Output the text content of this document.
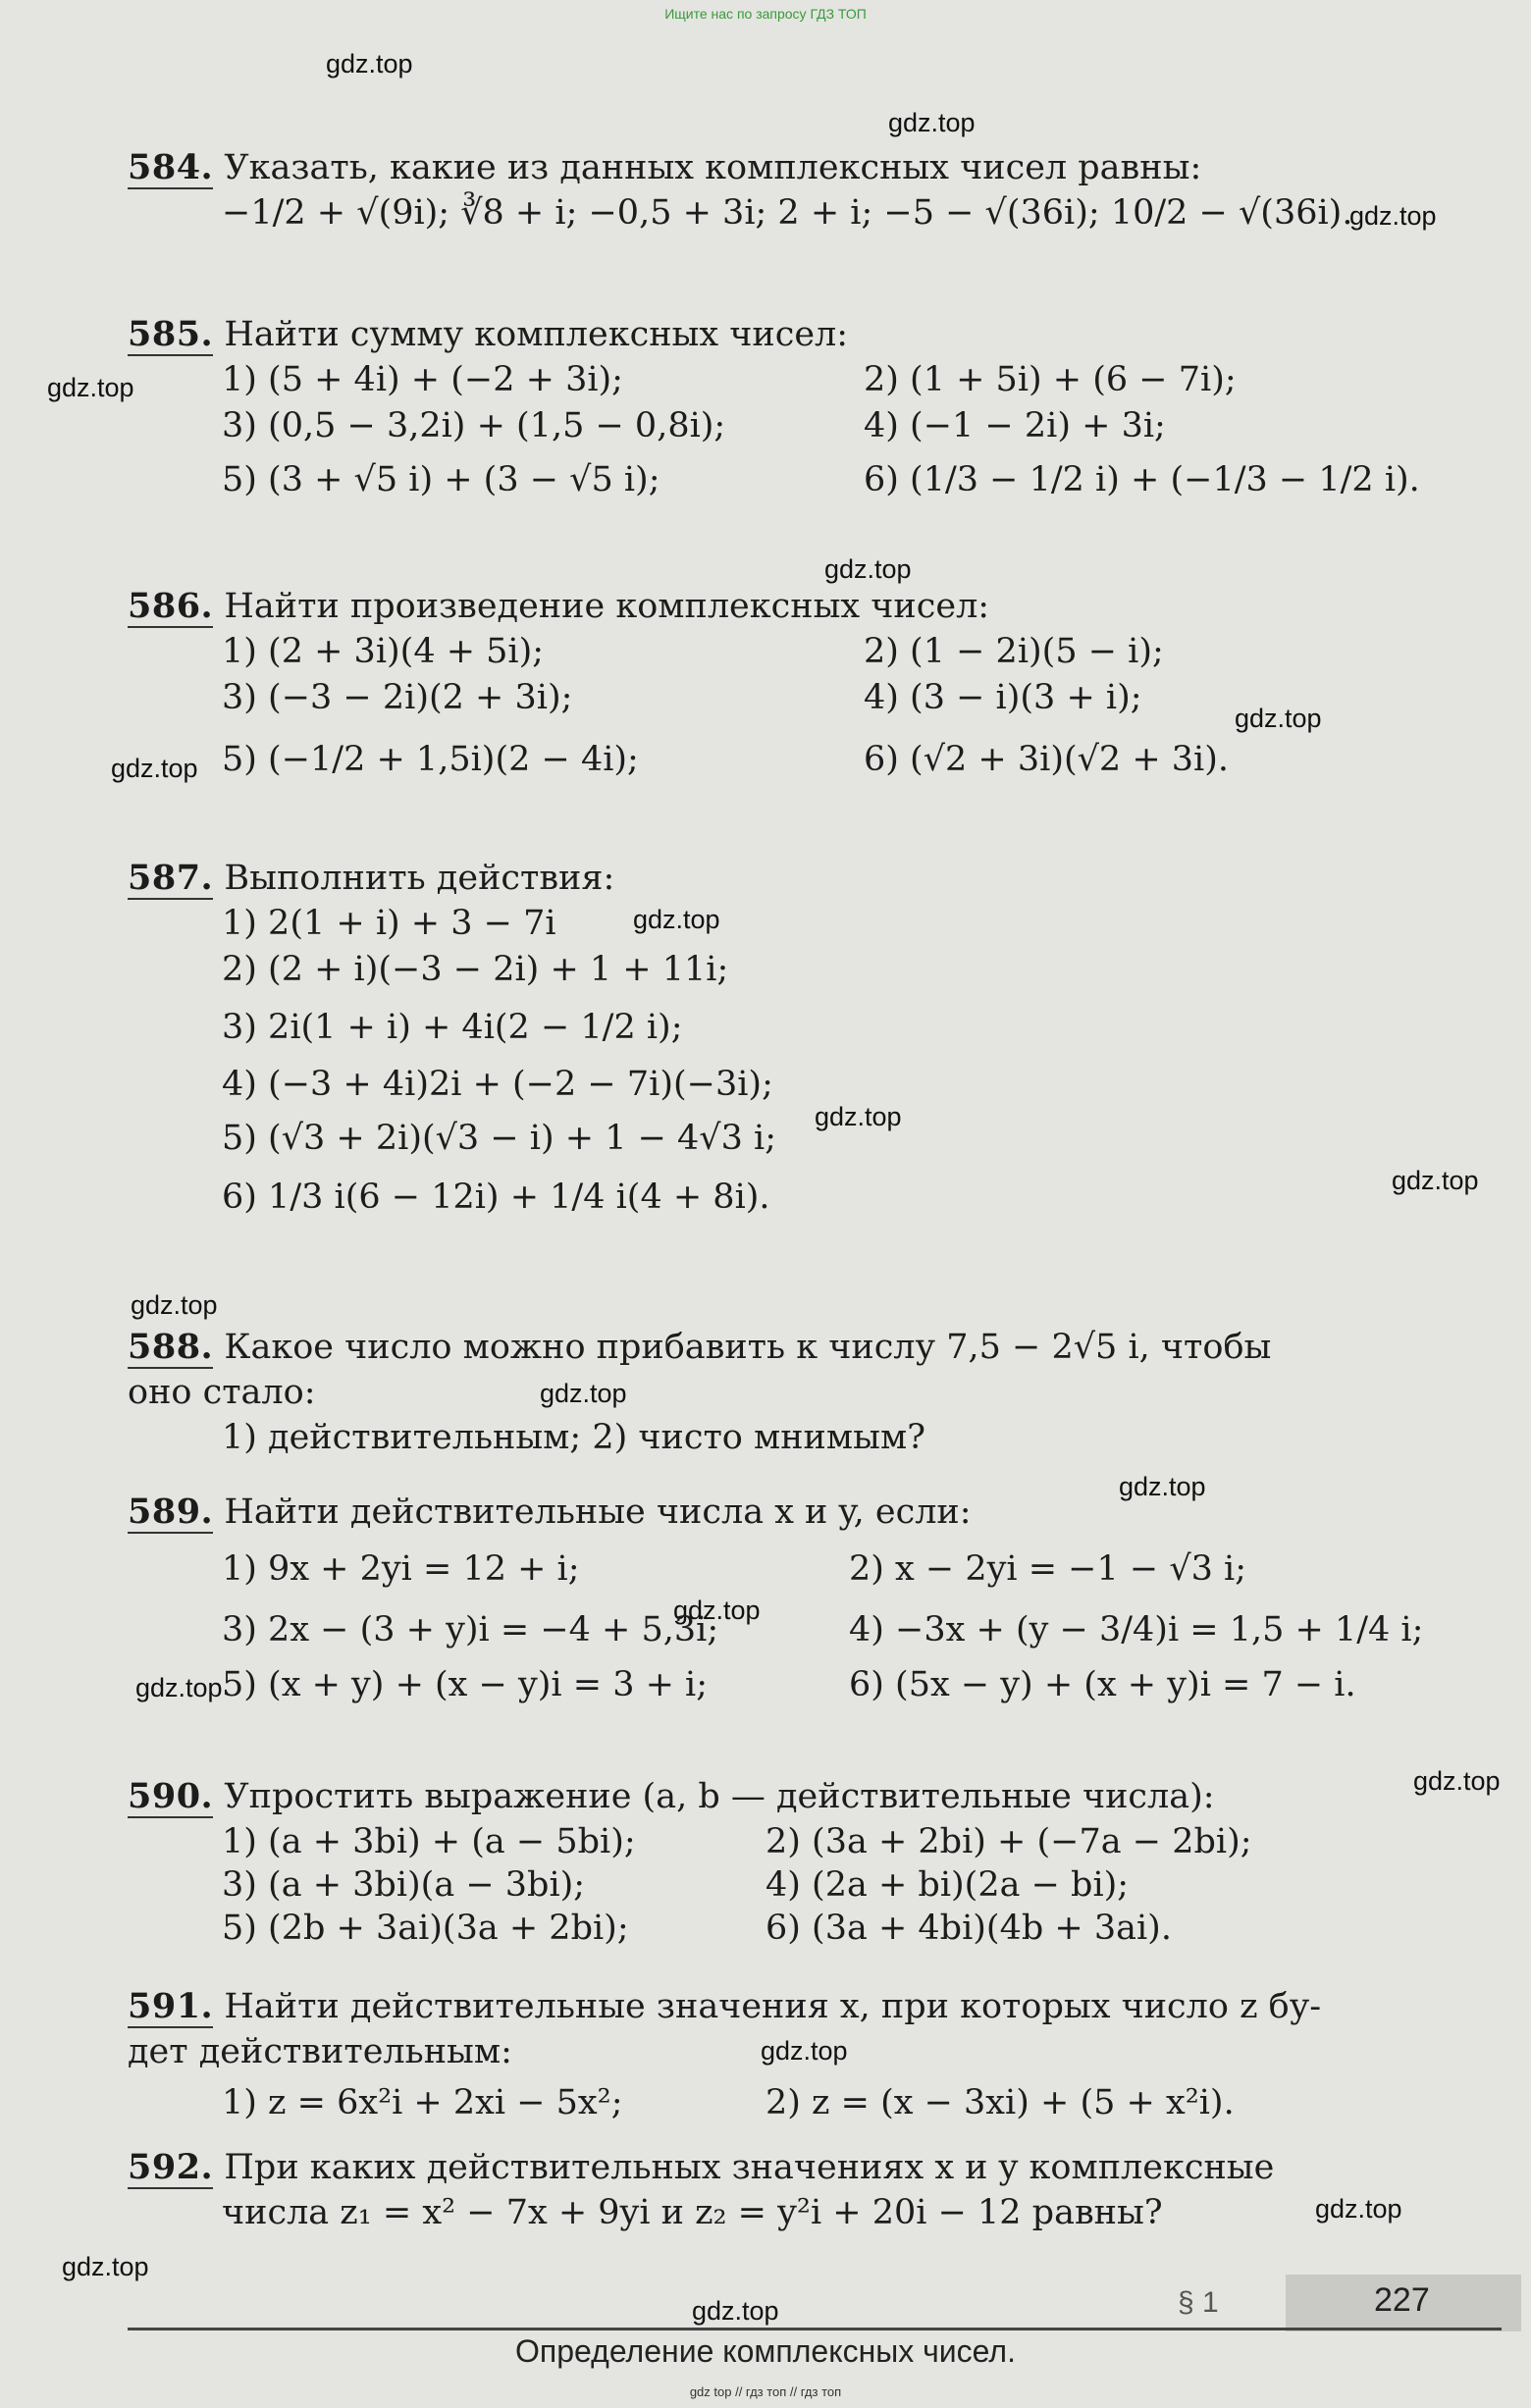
Ищите нас по запросу ГДЗ ТОП
gdz.top
gdz.top
gdz.top
gdz.top
gdz.top
gdz.top
gdz.top
gdz.top
gdz.top
gdz.top
gdz.top
gdz.top
gdz.top
gdz.top
gdz.top
gdz.top
gdz.top
gdz.top
gdz.top
gdz.top
584. Указать, какие из данных комплексных чисел равны:
−1/2 + √(9i); ∛8 + i; −0,5 + 3i; 2 + i; −5 − √(36i); 10/2 − √(36i).
585. Найти сумму комплексных чисел:
1) (5 + 4i) + (−2 + 3i);	2) (1 + 5i) + (6 − 7i);
3) (0,5 − 3,2i) + (1,5 − 0,8i);	4) (−1 − 2i) + 3i;
5) (3 + √5 i) + (3 − √5 i);	6) (1/3 − 1/2 i) + (−1/3 − 1/2 i).
586. Найти произведение комплексных чисел:
1) (2 + 3i)(4 + 5i);	2) (1 − 2i)(5 − i);
3) (−3 − 2i)(2 + 3i);	4) (3 − i)(3 + i);
5) (−1/2 + 1,5i)(2 − 4i);	6) (√2 + 3i)(√2 + 3i).
587. Выполнить действия:
1) 2(1 + i) + 3 − 7i
2) (2 + i)(−3 − 2i) + 1 + 11i;
3) 2i(1 + i) + 4i(2 − 1/2 i);
4) (−3 + 4i)2i + (−2 − 7i)(−3i);
5) (√3 + 2i)(√3 − i) + 1 − 4√3 i;
6) 1/3 i(6 − 12i) + 1/4 i(4 + 8i).
588. Какое число можно прибавить к числу 7,5 − 2√5 i, чтобы
оно стало:
1) действительным; 2) чисто мнимым?
589. Найти действительные числа x и y, если:
1) 9x + 2yi = 12 + i;	2) x − 2yi = −1 − √3 i;
3) 2x − (3 + y)i = −4 + 5,3i;	4) −3x + (y − 3/4)i = 1,5 + 1/4 i;
5) (x + y) + (x − y)i = 3 + i;	6) (5x − y) + (x + y)i = 7 − i.
590. Упростить выражение (a, b — действительные числа):
1) (a + 3bi) + (a − 5bi);	2) (3a + 2bi) + (−7a − 2bi);
3) (a + 3bi)(a − 3bi);	4) (2a + bi)(2a − bi);
5) (2b + 3ai)(3a + 2bi);	6) (3a + 4bi)(4b + 3ai).
591. Найти действительные значения x, при которых число z бу-
дет действительным:
1) z = 6x²i + 2xi − 5x²;	2) z = (x − 3xi) + (5 + x²i).
592. При каких действительных значениях x и y комплексные
числа z₁ = x² − 7x + 9yi и z₂ = y²i + 20i − 12 равны?
§ 1	227
Определение комплексных чисел.
gdz top // гдз топ // гдз топ
